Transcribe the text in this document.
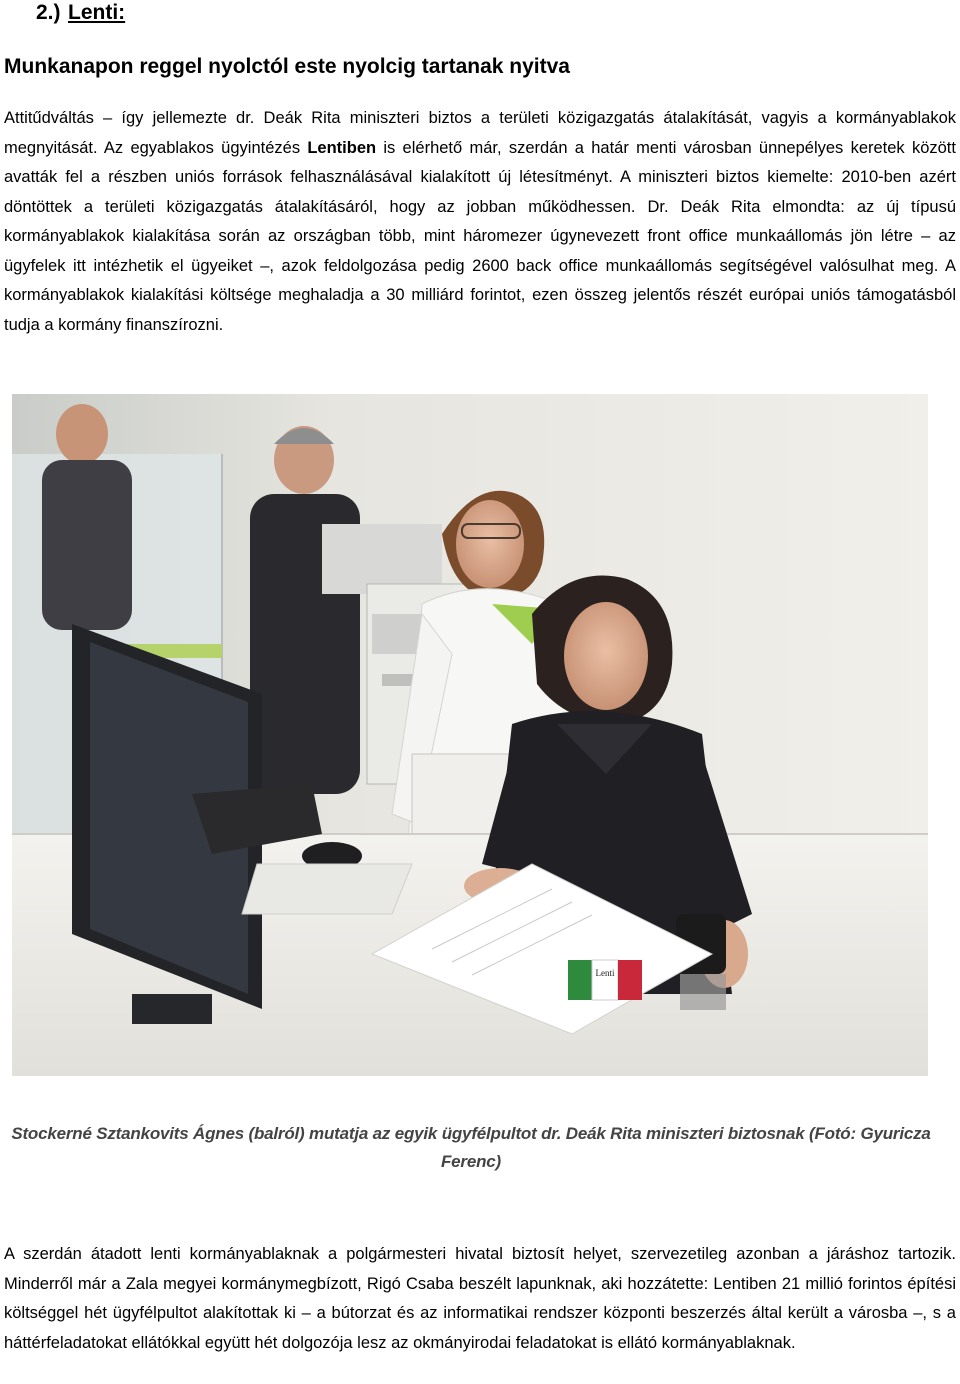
2.) Lenti:
Munkanapon reggel nyolctól este nyolcig tartanak nyitva

Attitűdváltás – így jellemezte dr. Deák Rita miniszteri biztos a területi közigazgatás átalakítását, vagyis a kormányablakok megnyitását. Az egyablakos ügyintézés Lentiben is elérhető már, szerdán a határ menti városban ünnepélyes keretek között avatták fel a részben uniós források felhasználásával kialakított új létesítményt. A miniszteri biztos kiemelte: 2010-ben azért döntöttek a területi közigazgatás átalakításáról, hogy az jobban működhessen. Dr. Deák Rita elmondta: az új típusú kormányablakok kialakítása során az országban több, mint háromezer úgynevezett front office munkaállomás jön létre – az ügyfelek itt intézhetik el ügyeiket –, azok feldolgozása pedig 2600 back office munkaállomás segítségével valósulhat meg. A kormányablakok kialakítási költsége meghaladja a 30 milliárd forintot, ezen összeg jelentős részét európai uniós támogatásból tudja a kormány finanszírozni.

Lenti
Stockerné Sztankovits Ágnes (balról) mutatja az egyik ügyfélpultot dr. Deák Rita miniszteri biztosnak (Fotó: Gyuricza Ferenc)

A szerdán átadott lenti kormányablaknak a polgármesteri hivatal biztosít helyet, szervezetileg azonban a járáshoz tartozik. Minderről már a Zala megyei kormánymegbízott, Rigó Csaba beszélt lapunknak, aki hozzátette: Lentiben 21 millió forintos építési költséggel hét ügyfélpultot alakítottak ki – a bútorzat és az informatikai rendszer központi beszerzés által került a városba –, s a háttérfeladatokat ellátókkal együtt hét dolgozója lesz az okmányirodai feladatokat is ellátó kormányablaknak.
